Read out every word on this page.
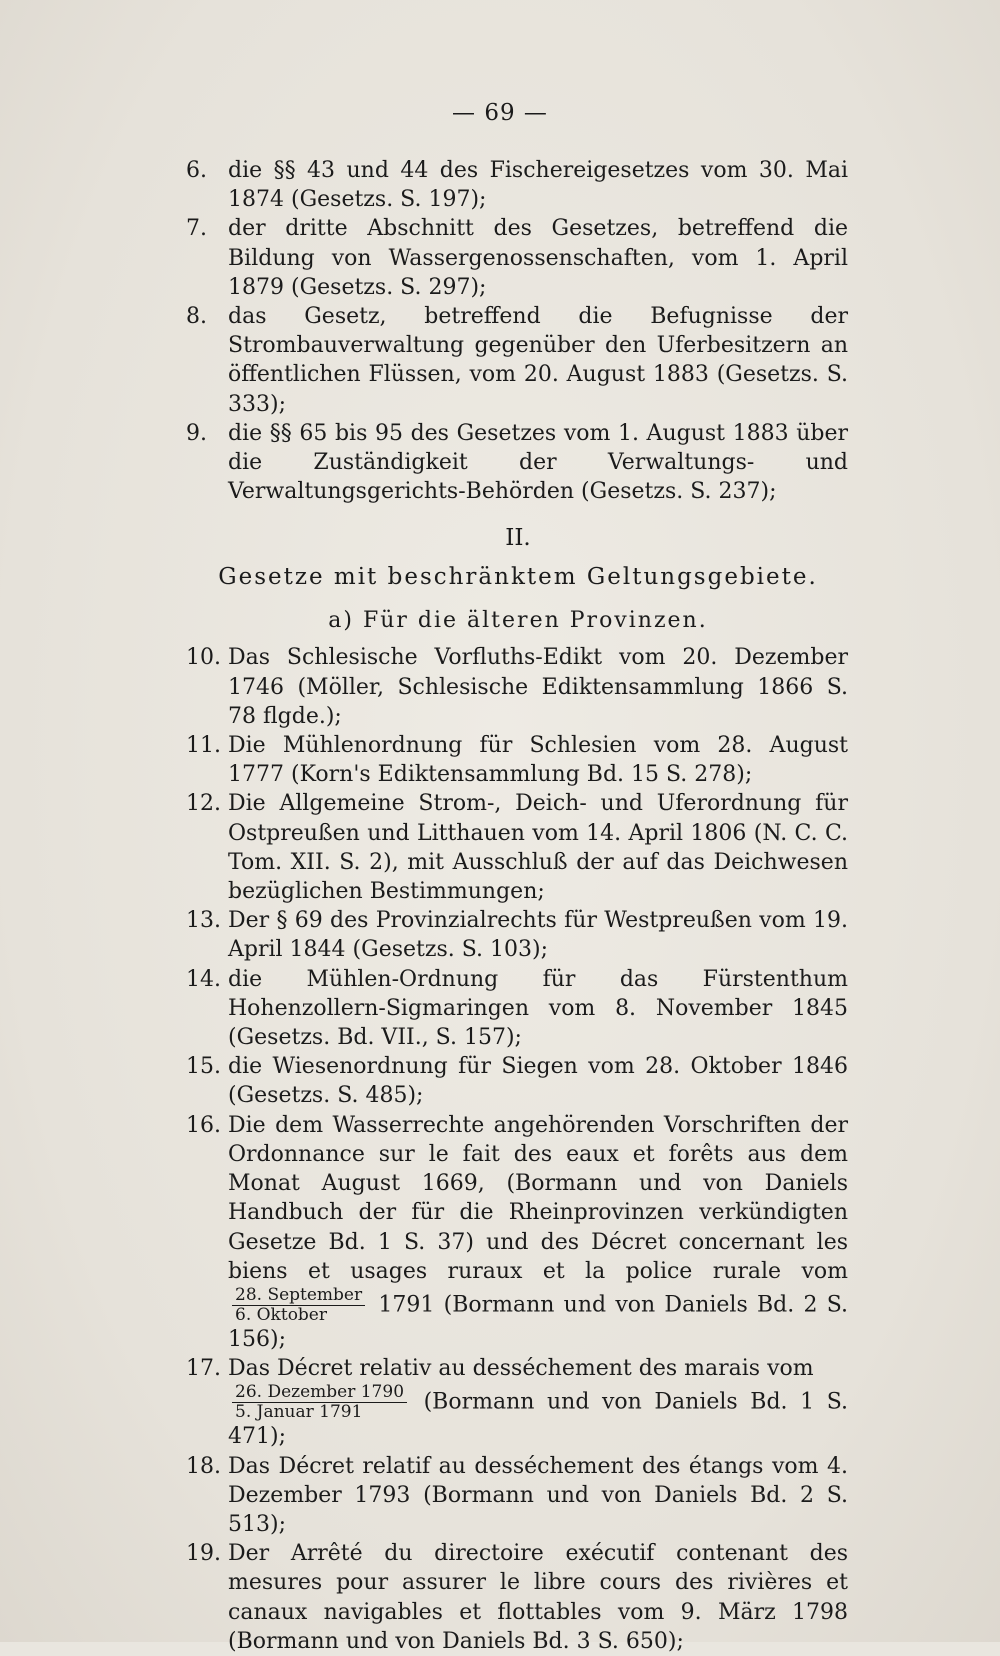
— 69 —
6. die §§ 43 und 44 des Fischereigesetzes vom 30. Mai 1874 (Gesetzs. S. 197);
7. der dritte Abschnitt des Gesetzes, betreffend die Bildung von Wassergenossenschaften, vom 1. April 1879 (Gesetzs. S. 297);
8. das Gesetz, betreffend die Befugnisse der Strombauverwaltung gegenüber den Uferbesitzern an öffentlichen Flüssen, vom 20. August 1883 (Gesetzs. S. 333);
9. die §§ 65 bis 95 des Gesetzes vom 1. August 1883 über die Zuständigkeit der Verwaltungs- und Verwaltungsgerichts-Behörden (Gesetzs. S. 237);
II.
Gesetze mit beschränktem Geltungsgebiete.
a) Für die älteren Provinzen.
10. Das Schlesische Vorfluths-Edikt vom 20. Dezember 1746 (Möller, Schlesische Ediktensammlung 1866 S. 78 flgde.);
11. Die Mühlenordnung für Schlesien vom 28. August 1777 (Korn's Ediktensammlung Bd. 15 S. 278);
12. Die Allgemeine Strom-, Deich- und Uferordnung für Ostpreußen und Litthauen vom 14. April 1806 (N. C. C. Tom. XII. S. 2), mit Ausschluß der auf das Deichwesen bezüglichen Bestimmungen;
13. Der § 69 des Provinzialrechts für Westpreußen vom 19. April 1844 (Gesetzs. S. 103);
14. die Mühlen-Ordnung für das Fürstenthum Hohenzollern-Sigmaringen vom 8. November 1845 (Gesetzs. Bd. VII., S. 157);
15. die Wiesenordnung für Siegen vom 28. Oktober 1846 (Gesetzs. S. 485);
16. Die dem Wasserrechte angehörenden Vorschriften der Ordonnance sur le fait des eaux et forêts aus dem Monat August 1669, (Bormann und von Daniels Handbuch der für die Rheinprovinzen verkündigten Gesetze Bd. 1 S. 37) und des Décret concernant les biens et usages ruraux et la police rurale vom
$\frac{\text{28. September}}{\text{6. Oktober}} 1791$ (Bormann und von Daniels Bd. 2 S. 156);
17. Das Décret relativ au desséchement des marais vom

$\frac{\text{26. Dezember 1790}}{\text{5. Januar 1791}}$ (Bormann und von Daniels Bd. 1 S. 471);
18. Das Décret relatif au desséchement des étangs vom 4. Dezember 1793 (Bormann und von Daniels Bd. 2 S. 513);
19. Der Arrêté du directoire exécutif contenant des mesures pour assurer le libre cours des rivières et canaux navigables et flottables vom 9. März 1798 (Bormann und von Daniels Bd. 3 S. 650);
